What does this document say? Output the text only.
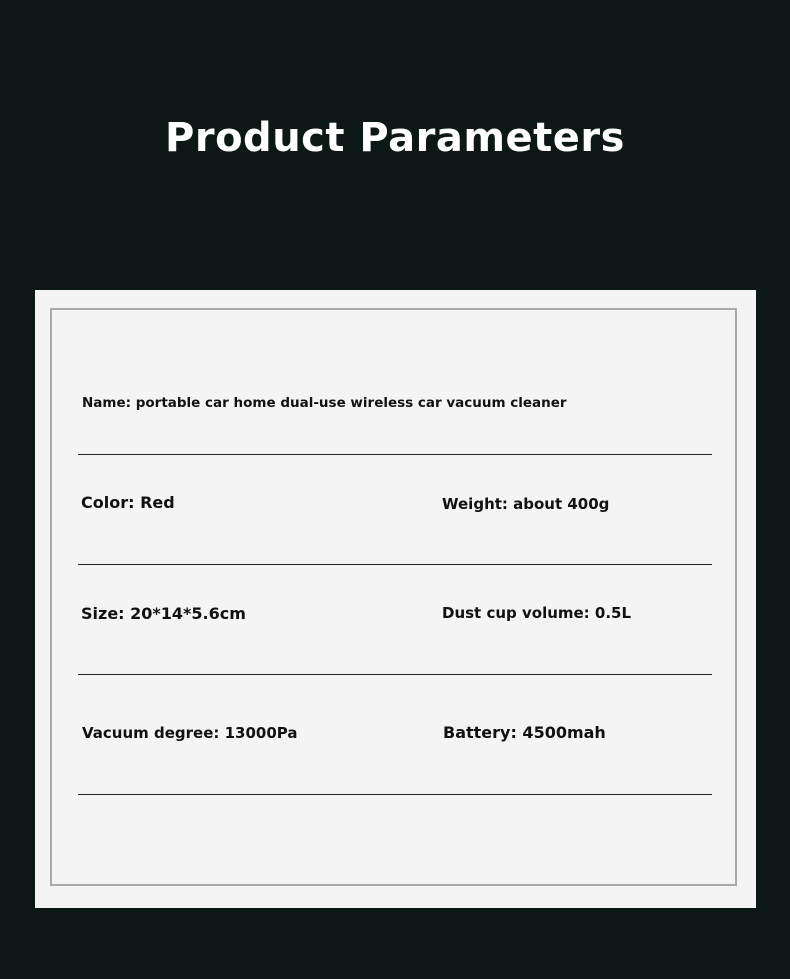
Product Parameters
Name: portable car home dual-use wireless car vacuum cleaner
Color: Red	Weight: about 400g
Size: 20*14*5.6cm	Dust cup volume: 0.5L
Vacuum degree: 13000Pa	Battery: 4500mah
